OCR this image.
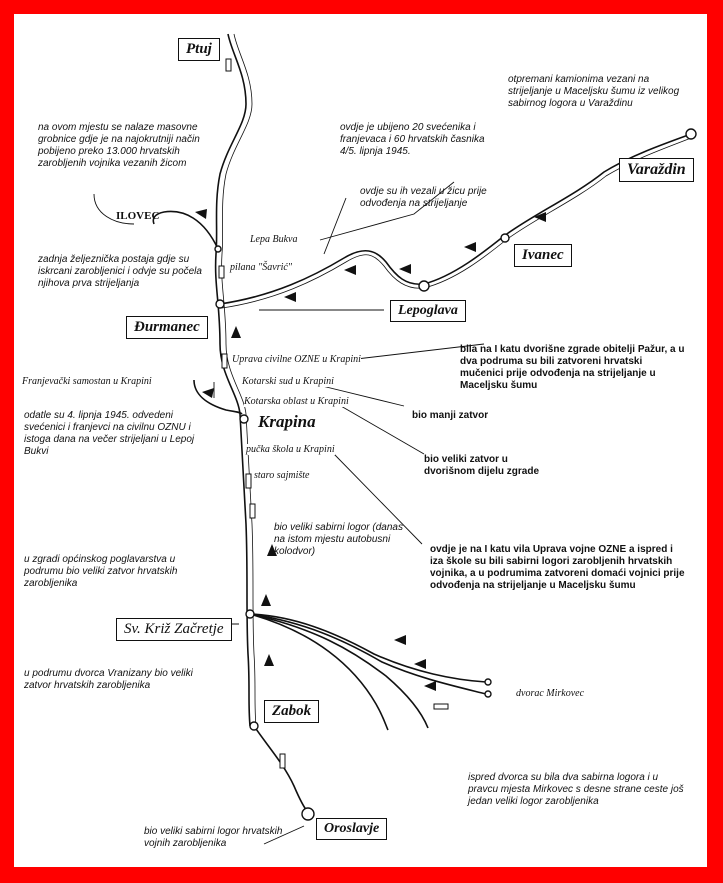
Ptuj
Varaždin
Ivanec
Lepoglava
Đurmanec
Krapina
Sv. Križ Začretje
Zabok
Oroslavje
ILOVEC
Lepa Bukva
pilana "Šavrić"
Uprava civilne OZNE u Krapini
Kotarski sud u Krapini
Kotarska oblast u Krapini
pučka škola u Krapini
staro sajmište
Franjevački samostan u Krapini
dvorac Mirkovec
na ovom mjestu se nalaze masovne grobnice gdje je na najokrutniji način pobijeno preko 13.000 hrvatskih zarobljenih vojnika vezanih žicom
ovdje je ubijeno 20 svećenika i franjevaca i 60 hrvatskih časnika 4/5. lipnja 1945.
ovdje su ih vezali u žicu prije odvođenja na strijeljanje
otpremani kamionima vezani na strijeljanje u Macelјsku šumu iz velikog sabirnog logora u Varaždinu
zadnja željeznička postaja gdje su iskrcani zarobljenici i odvje su počela njihova prva strijeljanja
bila na I katu dvorišne zgrade obitelji Pažur, a u dva podruma su bili zatvoreni hrvatski mučenici prije odvođenja na strijeljanje u Maceljsku šumu
bio manji zatvor
bio veliki zatvor u dvorišnom dijelu zgrade
odatle su 4. lipnja 1945. odvedeni svećenici i franjevci na civilnu OZNU i istoga dana na večer strijeljani u Lepoj Bukvi
bio veliki sabirni logor (danas na istom mjestu autobusni kolodvor)	ovdje je na I katu vila Uprava vojne OZNE a ispred i iza škole su bili sabirni logori zarobljenih hrvatskih vojnika, a u podrumima zatvoreni domaći vojnici prije odvođenja na strijeljanje u Maceljsku šumu
u zgradi općinskog poglavarstva u podrumu bio veliki zatvor hrvatskih zarobljenika
u podrumu dvorca Vranizany bio veliki zatvor hrvatskih zarobljenika
ispred dvorca su bila dva sabirna logora i u pravcu mjesta Mirkovec s desne strane ceste još jedan veliki logor zarobljenika
bio veliki sabirni logor hrvatskih vojnih zarobljenika
